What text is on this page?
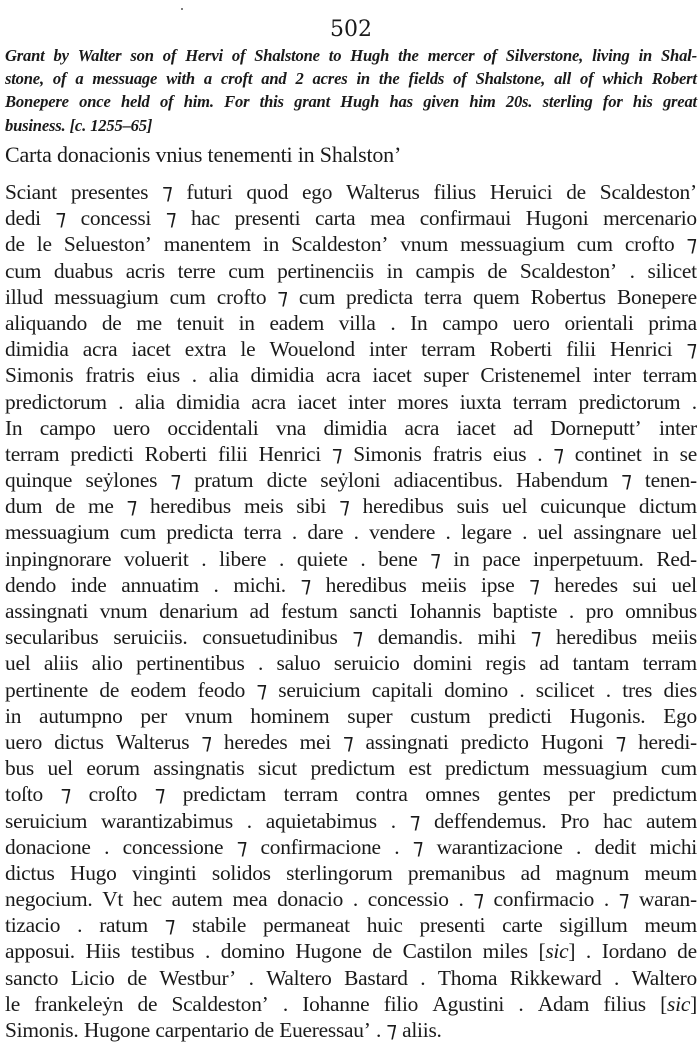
502
Grant by Walter son of Hervi of Shalstone to Hugh the mercer of Silverstone, living in Shal-
stone, of a messuage with a croft and 2 acres in the fields of Shalstone, all of which Robert
Bonepere once held of him. For this grant Hugh has given him 20s. sterling for his great
business. [c. 1255–65]
Carta donacionis vnius tenementi in Shalston’
Sciant presentes ⁊ futuri quod ego Walterus filius Heruici de Scaldeston’
dedi ⁊ concessi ⁊ hac presenti carta mea confirmaui Hugoni mercenario
de le Selueston’ manentem in Scaldeston’ vnum messuagium cum crofto ⁊
cum duabus acris terre cum pertinenciis in campis de Scaldeston’ . silicet
illud messuagium cum crofto ⁊ cum predicta terra quem Robertus Bonepere
aliquando de me tenuit in eadem villa . In campo uero orientali prima
dimidia acra iacet extra le Wouelond inter terram Roberti filii Henrici ⁊
Simonis fratris eius . alia dimidia acra iacet super Cristenemel inter terram
predictorum . alia dimidia acra iacet inter mores iuxta terram predictorum .
In campo uero occidentali vna dimidia acra iacet ad Dorneputt’ inter
terram predicti Roberti filii Henrici ⁊ Simonis fratris eius . ⁊ continet in se
quinque seẏlones ⁊ pratum dicte seẏloni adiacentibus. Habendum ⁊ tenen-
dum de me ⁊ heredibus meis sibi ⁊ heredibus suis uel cuicunque dictum
messuagium cum predicta terra . dare . vendere . legare . uel assingnare uel
inpingnorare voluerit . libere . quiete . bene ⁊ in pace inperpetuum. Red-
dendo inde annuatim . michi. ⁊ heredibus meiis ipse ⁊ heredes sui uel
assingnati vnum denarium ad festum sancti Iohannis baptiste . pro omnibus
secularibus seruiciis. consuetudinibus ⁊ demandis. mihi ⁊ heredibus meiis
uel aliis alio pertinentibus . saluo seruicio domini regis ad tantam terram
pertinente de eodem feodo ⁊ seruicium capitali domino . scilicet . tres dies
in autumpno per vnum hominem super custum predicti Hugonis. Ego
uero dictus Walterus ⁊ heredes mei ⁊ assingnati predicto Hugoni ⁊ heredi-
bus uel eorum assingnatis sicut predictum est predictum messuagium cum
toſto ⁊ croſto ⁊ predictam terram contra omnes gentes per predictum
seruicium warantizabimus . aquietabimus . ⁊ deffendemus. Pro hac autem
donacione . concessione ⁊ confirmacione . ⁊ warantizacione . dedit michi
dictus Hugo vinginti solidos sterlingorum premanibus ad magnum meum
negocium. Vt hec autem mea donacio . concessio . ⁊ confirmacio . ⁊ waran-
tizacio . ratum ⁊ stabile permaneat huic presenti carte sigillum meum
apposui. Hiis testibus . domino Hugone de Castilon miles [sic] . Iordano de
sancto Licio de Westbur’ . Waltero Bastard . Thoma Rikkeward . Waltero
le frankeleẏn de Scaldeston’ . Iohanne filio Agustini . Adam filius [sic]
Simonis. Hugone carpentario de Eueressau’ . ⁊ aliis.
